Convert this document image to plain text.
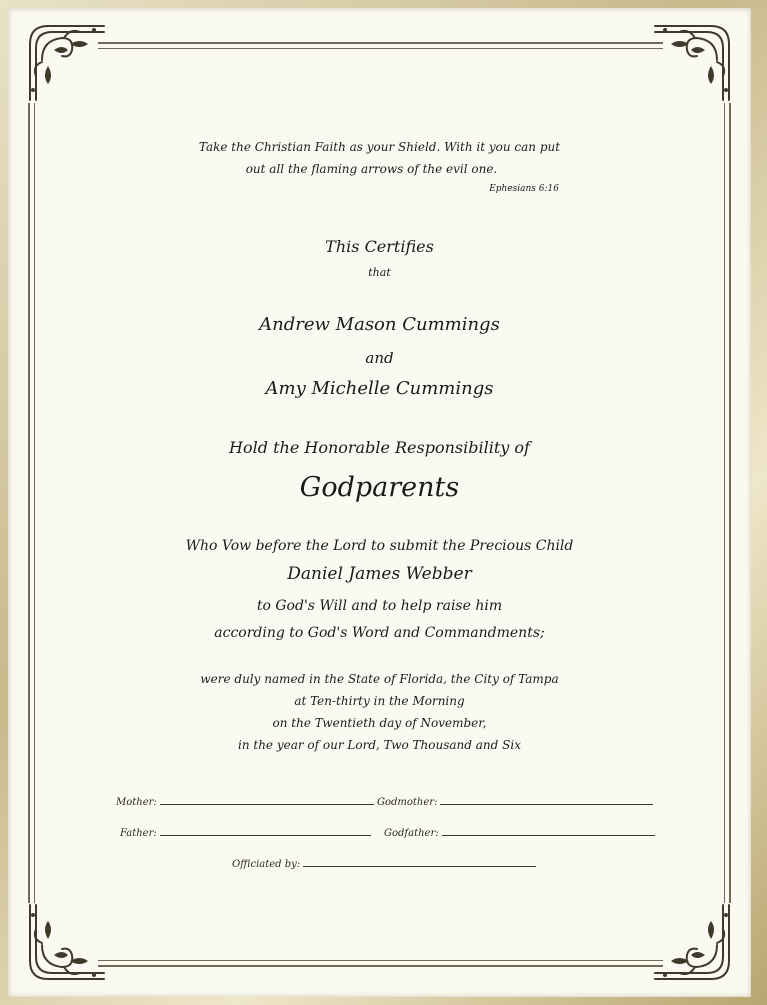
Take the Christian Faith as your Shield. With it you can put
out all the flaming arrows of the evil one.
Ephesians 6:16
This Certifies
that
Andrew Mason Cummings
and
Amy Michelle Cummings
Hold the Honorable Responsibility of
Godparents
Who Vow before the Lord to submit the Precious Child
Daniel James Webber
to God's Will and to help raise him
according to God's Word and Commandments;
were duly named in the State of Florida, the City of Tampa
at Ten-thirty in the Morning
on the Twentieth day of November,
in the year of our Lord, Two Thousand and Six
Mother:	Godmother:
Father:	Godfather:
Officiated by:
